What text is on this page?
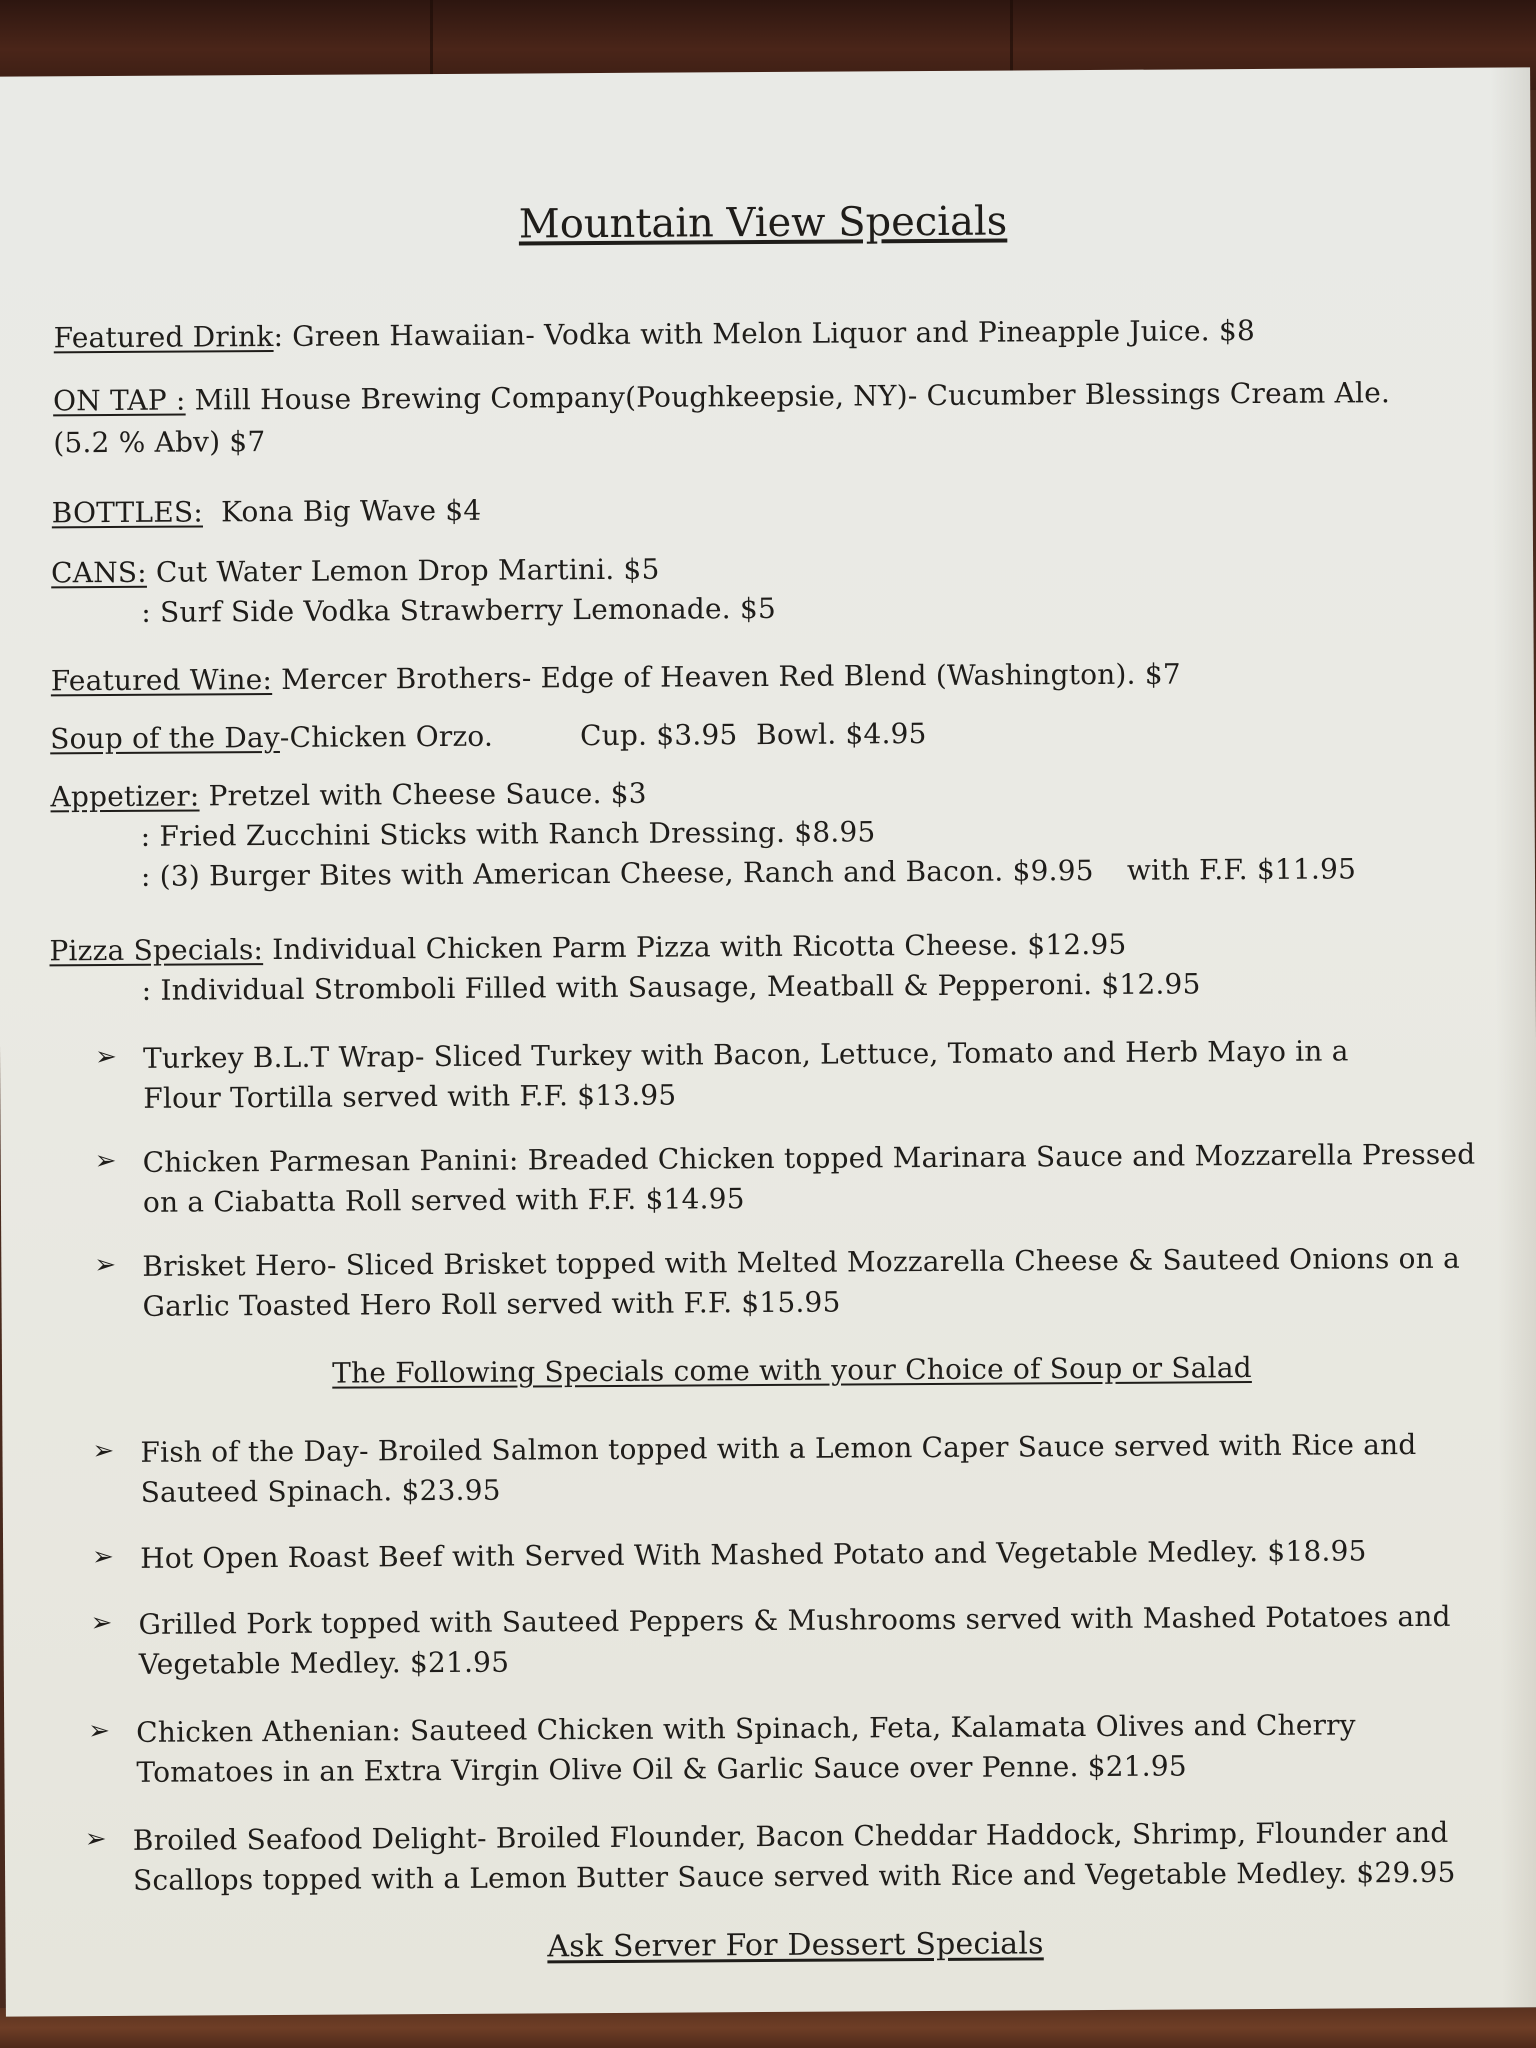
Mountain View Specials
Featured Drink: Green Hawaiian- Vodka with Melon Liquor and Pineapple Juice. $8
ON TAP : Mill House Brewing Company(Poughkeepsie, NY)- Cucumber Blessings Cream Ale.
(5.2 % Abv) $7
BOTTLES: Kona Big Wave $4
CANS: Cut Water Lemon Drop Martini. $5
: Surf Side Vodka Strawberry Lemonade. $5
Featured Wine: Mercer Brothers- Edge of Heaven Red Blend (Washington). $7
Soup of the Day-Chicken Orzo.	Cup. $3.95 Bowl. $4.95
Appetizer: Pretzel with Cheese Sauce. $3
: Fried Zucchini Sticks with Ranch Dressing. $8.95
: (3) Burger Bites with American Cheese, Ranch and Bacon. $9.95 with F.F. $11.95
Pizza Specials: Individual Chicken Parm Pizza with Ricotta Cheese. $12.95
: Individual Stromboli Filled with Sausage, Meatball & Pepperoni. $12.95
➢ Turkey B.L.T Wrap- Sliced Turkey with Bacon, Lettuce, Tomato and Herb Mayo in a
Flour Tortilla served with F.F. $13.95
➢ Chicken Parmesan Panini: Breaded Chicken topped Marinara Sauce and Mozzarella Pressed
on a Ciabatta Roll served with F.F. $14.95
➢ Brisket Hero- Sliced Brisket topped with Melted Mozzarella Cheese & Sauteed Onions on a
Garlic Toasted Hero Roll served with F.F. $15.95
The Following Specials come with your Choice of Soup or Salad
➢ Fish of the Day- Broiled Salmon topped with a Lemon Caper Sauce served with Rice and
Sauteed Spinach. $23.95
➢ Hot Open Roast Beef with Served With Mashed Potato and Vegetable Medley. $18.95
➢ Grilled Pork topped with Sauteed Peppers & Mushrooms served with Mashed Potatoes and
Vegetable Medley. $21.95
➢ Chicken Athenian: Sauteed Chicken with Spinach, Feta, Kalamata Olives and Cherry
Tomatoes in an Extra Virgin Olive Oil & Garlic Sauce over Penne. $21.95
➢ Broiled Seafood Delight- Broiled Flounder, Bacon Cheddar Haddock, Shrimp, Flounder and
Scallops topped with a Lemon Butter Sauce served with Rice and Vegetable Medley. $29.95
Ask Server For Dessert Specials
